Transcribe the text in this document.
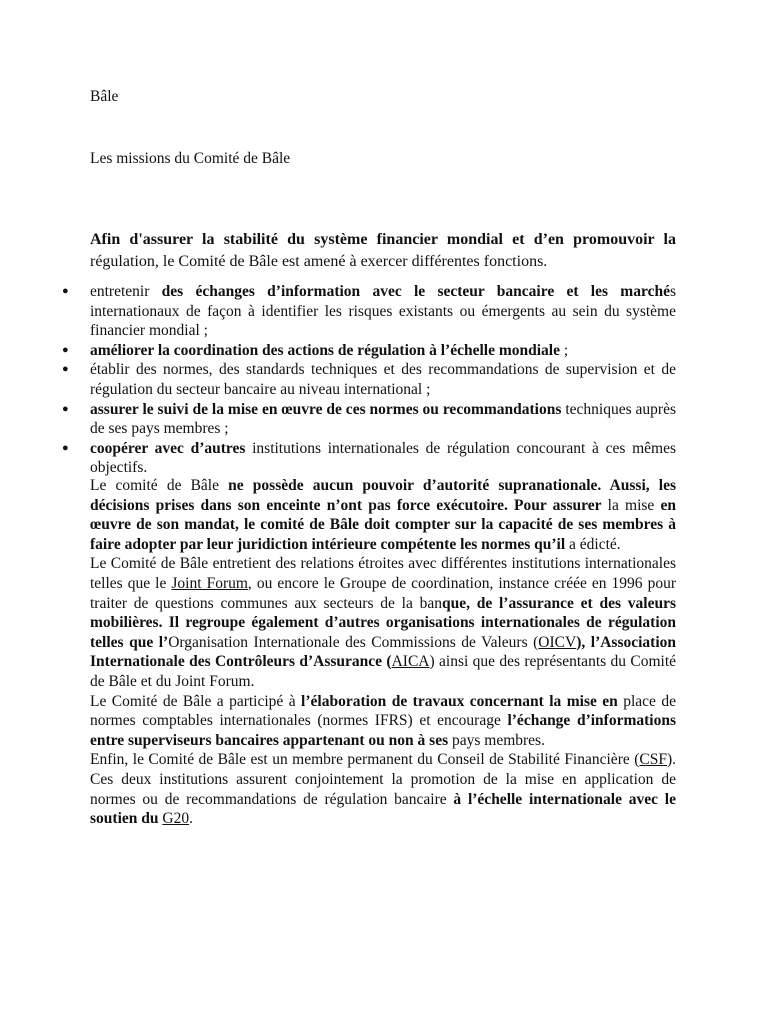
Bâle
Les missions du Comité de Bâle
Afin d'assurer la stabilité du système financier mondial et d’en promouvoir la régulation, le Comité de Bâle est amené à exercer différentes fonctions.
● entretenir des échanges d’information avec le secteur bancaire et les marchés internationaux de façon à identifier les risques existants ou émergents au sein du système financier mondial ;
● améliorer la coordination des actions de régulation à l’échelle mondiale ;
● établir des normes, des standards techniques et des recommandations de supervision et de régulation du secteur bancaire au niveau international ;
● assurer le suivi de la mise en œuvre de ces normes ou recommandations techniques auprès de ses pays membres ;
● coopérer avec d’autres institutions internationales de régulation concourant à ces mêmes objectifs.

Le comité de Bâle ne possède aucun pouvoir d’autorité supranationale. Aussi, les décisions prises dans son enceinte n’ont pas force exécutoire. Pour assurer la mise en œuvre de son mandat, le comité de Bâle doit compter sur la capacité de ses membres à faire adopter par leur juridiction intérieure compétente les normes qu’il a édicté.

Le Comité de Bâle entretient des relations étroites avec différentes institutions internationales telles que le Joint Forum, ou encore le Groupe de coordination, instance créée en 1996 pour traiter de questions communes aux secteurs de la banque, de l’assurance et des valeurs mobilières. Il regroupe également d’autres organisations internationales de régulation telles que l’Organisation Internationale des Commissions de Valeurs (OICV), l’Association Internationale des Contrôleurs d’Assurance (AICA) ainsi que des représentants du Comité de Bâle et du Joint Forum.

Le Comité de Bâle a participé à l’élaboration de travaux concernant la mise en place de normes comptables internationales (normes IFRS) et encourage l’échange d’informations entre superviseurs bancaires appartenant ou non à ses pays membres.

Enfin, le Comité de Bâle est un membre permanent du Conseil de Stabilité Financière (CSF). Ces deux institutions assurent conjointement la promotion de la mise en application de normes ou de recommandations de régulation bancaire à l’échelle internationale avec le soutien du G20.
